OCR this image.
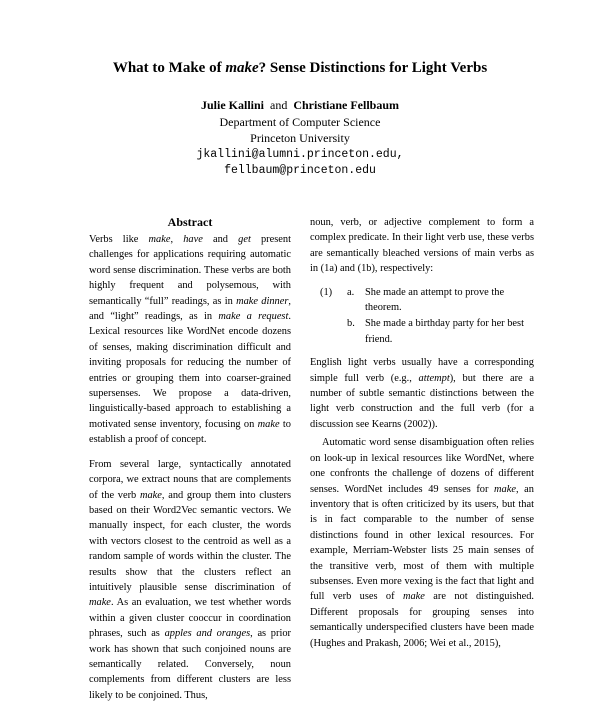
What to Make of make? Sense Distinctions for Light Verbs
Julie Kallini and Christiane Fellbaum
Department of Computer Science
Princeton University
jkallini@alumni.princeton.edu,
fellbaum@princeton.edu
Abstract

Verbs like make, have and get present challenges for applications requiring automatic word sense discrimination. These verbs are both highly frequent and polysemous, with semantically “full” readings, as in make dinner, and “light” readings, as in make a request. Lexical resources like WordNet encode dozens of senses, making discrimination difficult and inviting proposals for reducing the number of entries or grouping them into coarser-grained supersenses. We propose a data-driven, linguistically-based approach to establishing a motivated sense inventory, focusing on make to establish a proof of concept.

From several large, syntactically annotated corpora, we extract nouns that are complements of the verb make, and group them into clusters based on their Word2Vec semantic vectors. We manually inspect, for each cluster, the words with vectors closest to the centroid as well as a random sample of words within the cluster. The results show that the clusters reflect an intuitively plausible sense discrimination of make. As an evaluation, we test whether words within a given cluster cooccur in coordination phrases, such as apples and oranges, as prior work has shown that such conjoined nouns are semantically related. Conversely, noun complements from different clusters are less likely to be conjoined. Thus,

noun, verb, or adjective complement to form a complex predicate. In their light verb use, these verbs are semantically bleached versions of main verbs as in (1a) and (1b), respectively:

(1) a. She made an attempt to prove the theorem.
b. She made a birthday party for her best friend.

English light verbs usually have a corresponding simple full verb (e.g., attempt), but there are a number of subtle semantic distinctions between the light verb construction and the full verb (for a discussion see Kearns (2002)).

Automatic word sense disambiguation often relies on look-up in lexical resources like WordNet, where one confronts the challenge of dozens of different senses. WordNet includes 49 senses for make, an inventory that is often criticized by its users, but that is in fact comparable to the number of sense distinctions found in other lexical resources. For example, Merriam-Webster lists 25 main senses of the transitive verb, most of them with multiple subsenses. Even more vexing is the fact that light and full verb uses of make are not distinguished. Different proposals for grouping senses into semantically underspecified clusters have been made (Hughes and Prakash, 2006; Wei et al., 2015),
